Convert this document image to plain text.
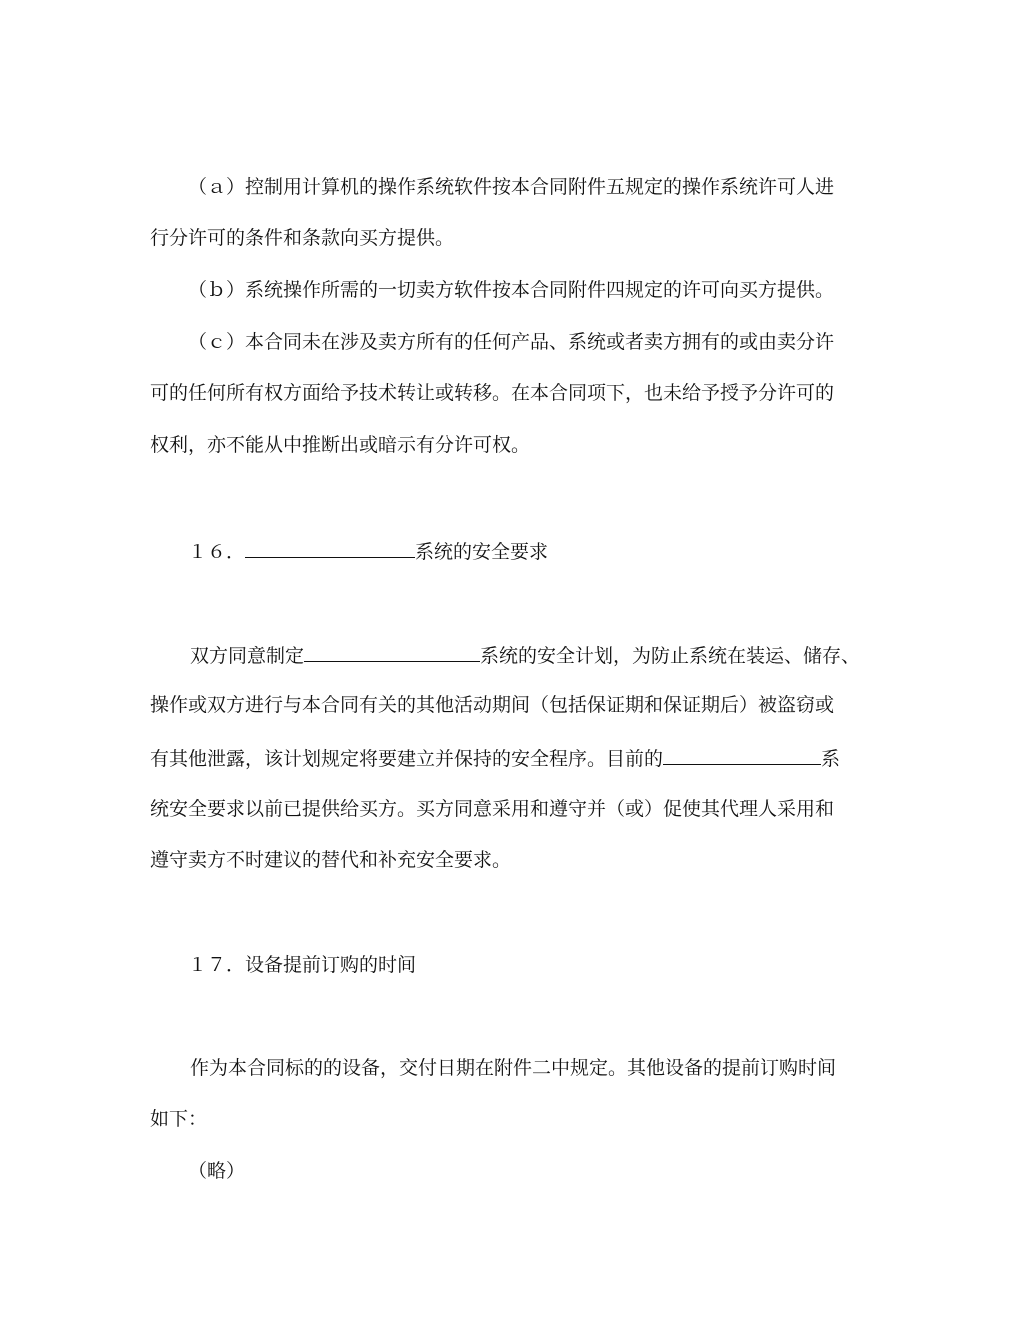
（ａ）控制用计算机的操作系统软件按本合同附件五规定的操作系统许可人进
行分许可的条件和条款向买方提供。
（ｂ）系统操作所需的一切卖方软件按本合同附件四规定的许可向买方提供。
（ｃ）本合同未在涉及卖方所有的任何产品、系统或者卖方拥有的或由卖分许
可的任何所有权方面给予技术转让或转移。在本合同项下，也未给予授予分许可的
权利，亦不能从中推断出或暗示有分许可权。
１６．	系统的安全要求
双方同意制定	系统的安全计划，为防止系统在装运、储存、
操作或双方进行与本合同有关的其他活动期间（包括保证期和保证期后）被盗窃或
有其他泄露，该计划规定将要建立并保持的安全程序。目前的	系
统安全要求以前已提供给买方。买方同意采用和遵守并（或）促使其代理人采用和
遵守卖方不时建议的替代和补充安全要求。
１７．设备提前订购的时间
作为本合同标的的设备，交付日期在附件二中规定。其他设备的提前订购时间
如下：
（略）
